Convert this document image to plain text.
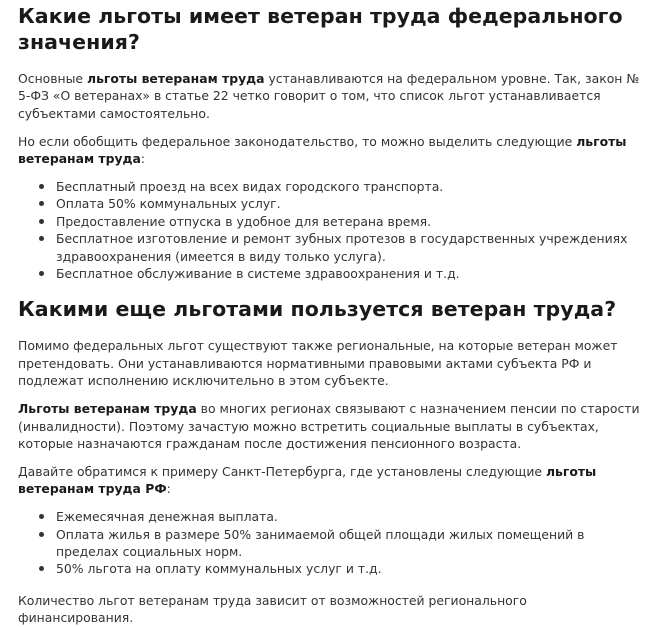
Какие льготы имеет ветеран труда федерального значения?

Основные льготы ветеранам труда устанавливаются на федеральном уровне. Так, закон № 5-ФЗ «О ветеранах» в статье 22 четко говорит о том, что список льгот устанавливается субъектами самостоятельно.

Но если обобщить федеральное законодательство, то можно выделить следующие льготы ветеранам труда:

Бесплатный проезд на всех видах городского транспорта.
Оплата 50% коммунальных услуг.
Предоставление отпуска в удобное для ветерана время.
Бесплатное изготовление и ремонт зубных протезов в государственных учреждениях здравоохранения (имеется в виду только услуга).
Бесплатное обслуживание в системе здравоохранения и т.д.
Какими еще льготами пользуется ветеран труда?

Помимо федеральных льгот существуют также региональные, на которые ветеран может претендовать. Они устанавливаются нормативными правовыми актами субъекта РФ и подлежат исполнению исключительно в этом субъекте.

Льготы ветеранам труда во многих регионах связывают с назначением пенсии по старости (инвалидности). Поэтому зачастую можно встретить социальные выплаты в субъектах, которые назначаются гражданам после достижения пенсионного возраста.

Давайте обратимся к примеру Санкт-Петербурга, где установлены следующие льготы ветеранам труда РФ:

Ежемесячная денежная выплата.
Оплата жилья в размере 50% занимаемой общей площади жилых помещений в пределах социальных норм.
50% льгота на оплату коммунальных услуг и т.д.

Количество льгот ветеранам труда зависит от возможностей регионального финансирования.
